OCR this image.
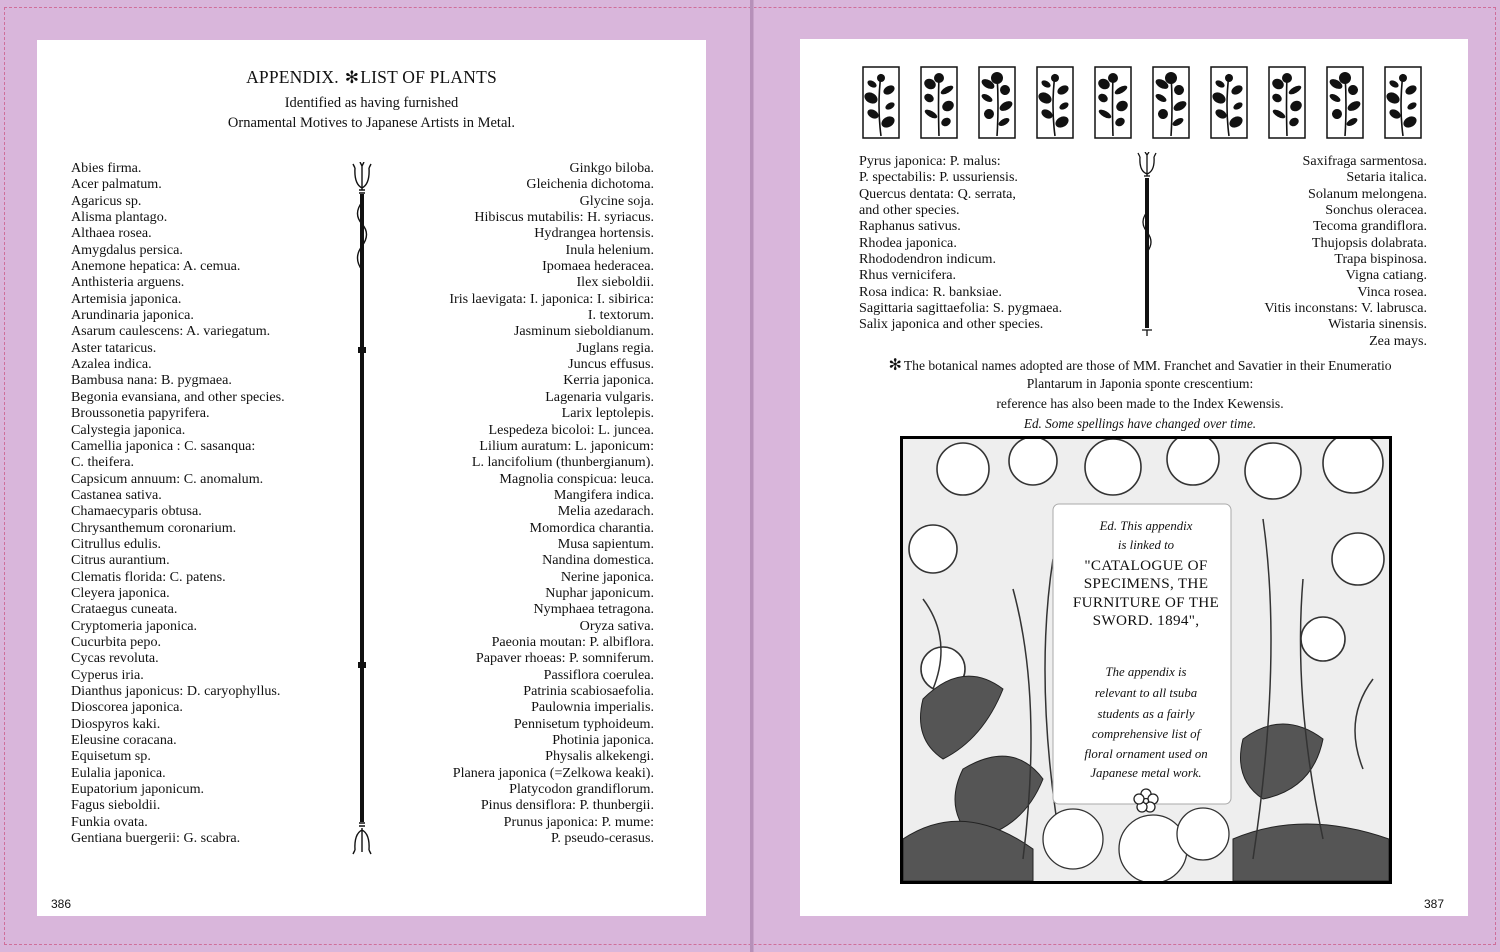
APPENDIX. ✻LIST OF PLANTS
Identified as having furnished
Ornamental Motives to Japanese Artists in Metal.
Abies firma.
Acer palmatum.
Agaricus sp.
Alisma plantago.
Althaea rosea.
Amygdalus persica.
Anemone hepatica: A. cemua.
Anthisteria arguens.
Artemisia japonica.
Arundinaria japonica.
Asarum caulescens: A. variegatum.
Aster tataricus.
Azalea indica.
Bambusa nana: B. pygmaea.
Begonia evansiana, and other species.
Broussonetia papyrifera.
Calystegia japonica.
Camellia japonica : C. sasanqua:
C. theifera.
Capsicum annuum: C. anomalum.
Castanea sativa.
Chamaecyparis obtusa.
Chrysanthemum coronarium.
Citrullus edulis.
Citrus aurantium.
Clematis florida: C. patens.
Cleyera japonica.
Crataegus cuneata.
Cryptomeria japonica.
Cucurbita pepo.
Cycas revoluta.
Cyperus iria.
Dianthus japonicus: D. caryophyllus.
Dioscorea japonica.
Diospyros kaki.
Eleusine coracana.
Equisetum sp.
Eulalia japonica.
Eupatorium japonicum.
Fagus sieboldii.
Funkia ovata.
Gentiana buergerii: G. scabra.
Ginkgo biloba.
Gleichenia dichotoma.
Glycine soja.
Hibiscus mutabilis: H. syriacus.
Hydrangea hortensis.
Inula helenium.
Ipomaea hederacea.
Ilex sieboldii.
Iris laevigata: I. japonica: I. sibirica:
I. textorum.
Jasminum sieboldianum.
Juglans regia.
Juncus effusus.
Kerria japonica.
Lagenaria vulgaris.
Larix leptolepis.
Lespedeza bicoloi: L. juncea.
Lilium auratum: L. japonicum:
L. lancifolium (thunbergianum).
Magnolia conspicua: leuca.
Mangifera indica.
Melia azedarach.
Momordica charantia.
Musa sapientum.
Nandina domestica.
Nerine japonica.
Nuphar japonicum.
Nymphaea tetragona.
Oryza sativa.
Paeonia moutan: P. albiflora.
Papaver rhoeas: P. somniferum.
Passiflora coerulea.
Patrinia scabiosaefolia.
Paulownia imperialis.
Pennisetum typhoideum.
Photinia japonica.
Physalis alkekengi.
Planera japonica (=Zelkowa keaki).
Platycodon grandiflorum.
Pinus densiflora: P. thunbergii.
Prunus japonica: P. mume:
P. pseudo-cerasus.
386
Pyrus japonica: P. malus:
P. spectabilis: P. ussuriensis.
Quercus dentata: Q. serrata,
and other species.
Raphanus sativus.
Rhodea japonica.
Rhododendron indicum.
Rhus vernicifera.
Rosa indica: R. banksiae.
Sagittaria sagittaefolia: S. pygmaea.
Salix japonica and other species.
Saxifraga sarmentosa.
Setaria italica.
Solanum melongena.
Sonchus oleracea.
Tecoma grandiflora.
Thujopsis dolabrata.
Trapa bispinosa.
Vigna catiang.
Vinca rosea.
Vitis inconstans: V. labrusca.
Wistaria sinensis.
Zea mays.
✻ The botanical names adopted are those of MM. Franchet and Savatier in their Enumeratio
Plantarum in Japonia sponte crescentium:
reference has also been made to the Index Kewensis.
Ed. Some spellings have changed over time.
Ed. This appendix
is linked to
"CATALOGUE OF
SPECIMENS, THE
FURNITURE OF THE
SWORD. 1894",
The appendix is
relevant to all tsuba
students as a fairly
comprehensive list of
floral ornament used on
Japanese metal work.
387
